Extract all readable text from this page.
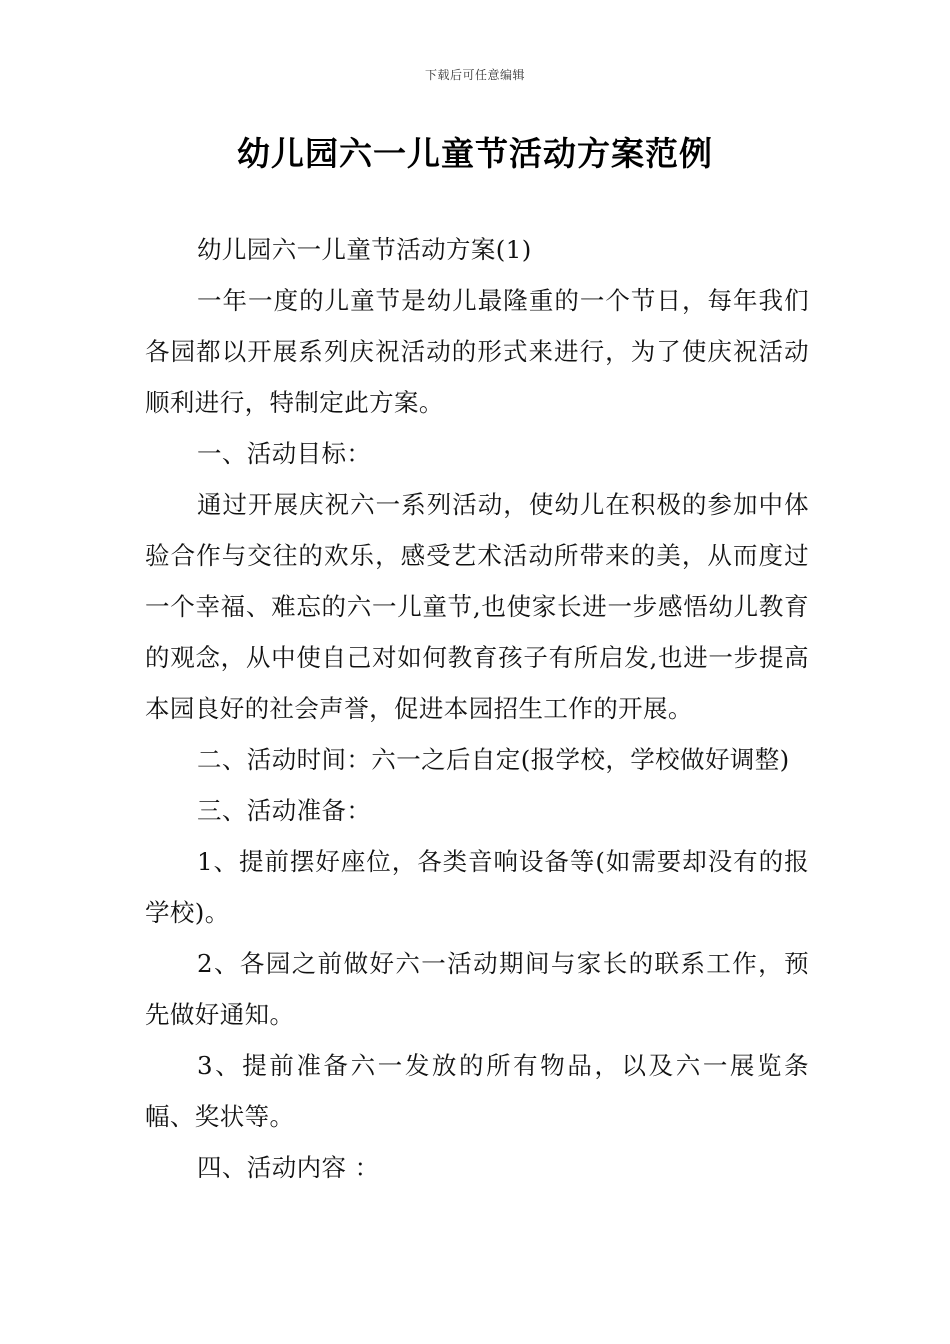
下载后可任意编辑
幼儿园六一儿童节活动方案范例

幼儿园六一儿童节活动方案(1)

一年一度的儿童节是幼儿最隆重的一个节日，每年我们各园都以开展系列庆祝活动的形式来进行，为了使庆祝活动顺利进行，特制定此方案。

一、活动目标：

通过开展庆祝六一系列活动，使幼儿在积极的参加中体验合作与交往的欢乐，感受艺术活动所带来的美，从而度过一个幸福、难忘的六一儿童节,也使家长进一步感悟幼儿教育的观念，从中使自己对如何教育孩子有所启发,也进一步提高本园良好的社会声誉，促进本园招生工作的开展。

二、活动时间：六一之后自定(报学校，学校做好调整)

三、活动准备：

1、提前摆好座位，各类音响设备等(如需要却没有的报学校)。

2、各园之前做好六一活动期间与家长的联系工作，预先做好通知。

3、提前准备六一发放的所有物品，以及六一展览条幅、奖状等。

四、活动内容 ：
